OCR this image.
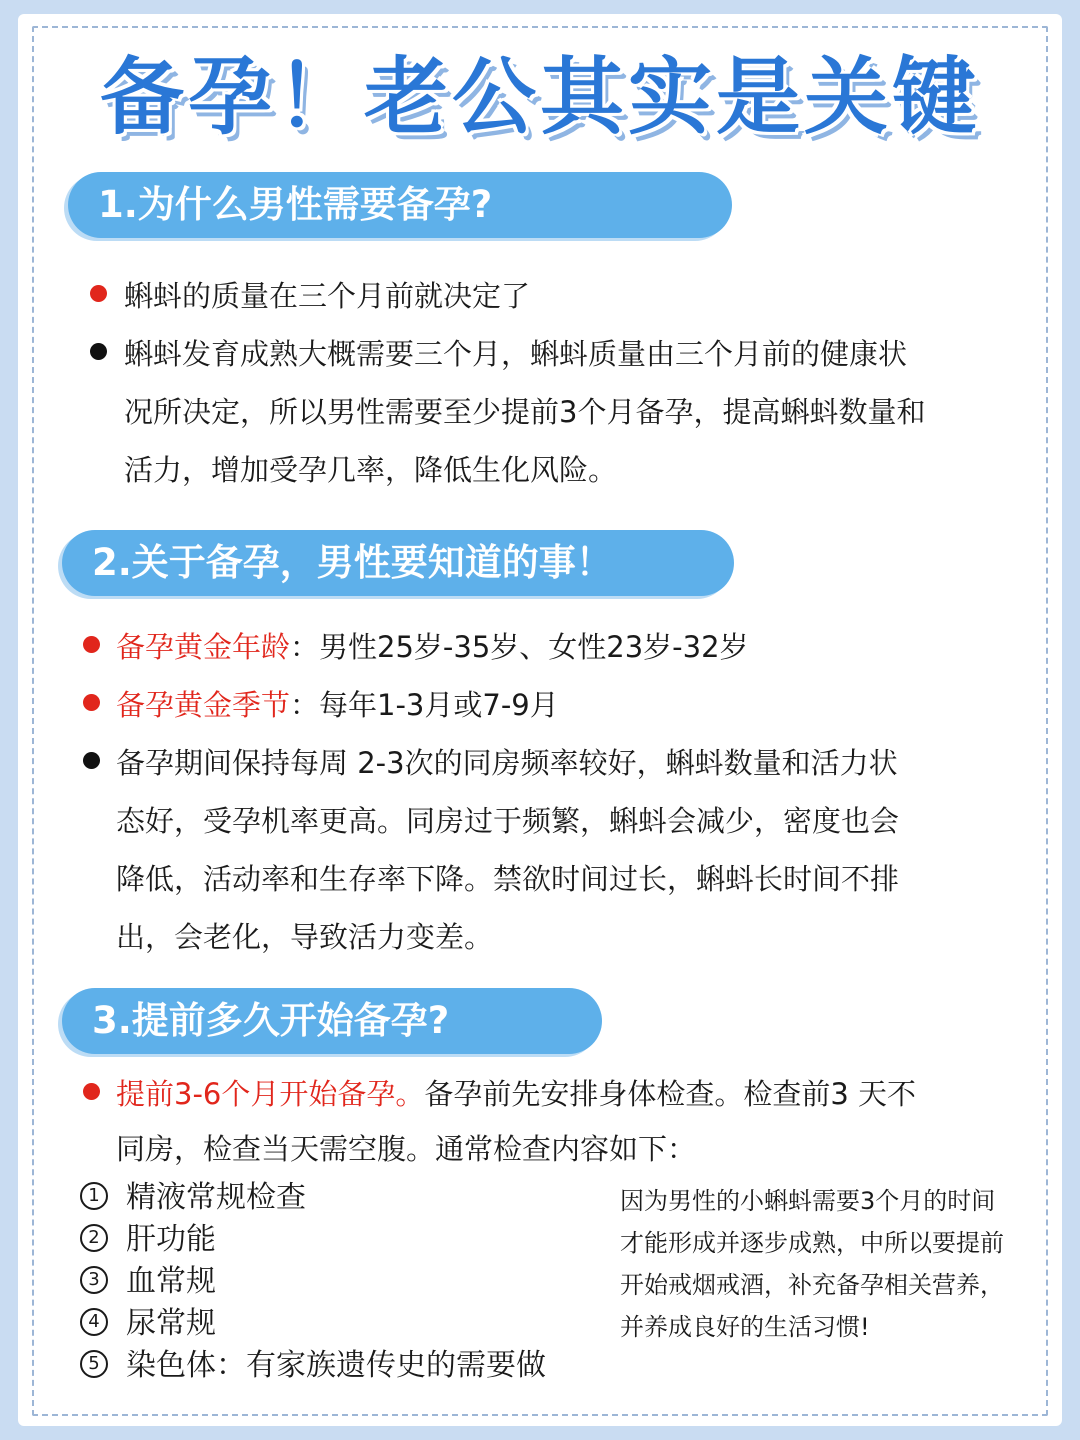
备孕！老公其实是关键
1.为什么男性需要备孕?
蝌蚪的质量在三个月前就决定了
蝌蚪发育成熟大概需要三个月，蝌蚪质量由三个月前的健康状
况所决定，所以男性需要至少提前3个月备孕，提高蝌蚪数量和
活力，增加受孕几率，降低生化风险。
2.关于备孕，男性要知道的事！
备孕黄金年龄：男性25岁-35岁、女性23岁-32岁
备孕黄金季节：每年1-3月或7-9月
备孕期间保持每周 2-3次的同房频率较好，蝌蚪数量和活力状
态好，受孕机率更高。同房过于频繁，蝌蚪会减少，密度也会
降低，活动率和生存率下降。禁欲时间过长，蝌蚪长时间不排
出，会老化，导致活力变差。
3.提前多久开始备孕?
提前3-6个月开始备孕。备孕前先安排身体检查。检查前3 天不
同房，检查当天需空腹。通常检查内容如下：
1 精液常规检查
2 肝功能
3 血常规
4 尿常规
5 染色体：有家族遗传史的需要做
因为男性的小蝌蚪需要3个月的时间才能形成并逐步成熟，中所以要提前开始戒烟戒酒，补充备孕相关营养，并养成良好的生活习惯!
